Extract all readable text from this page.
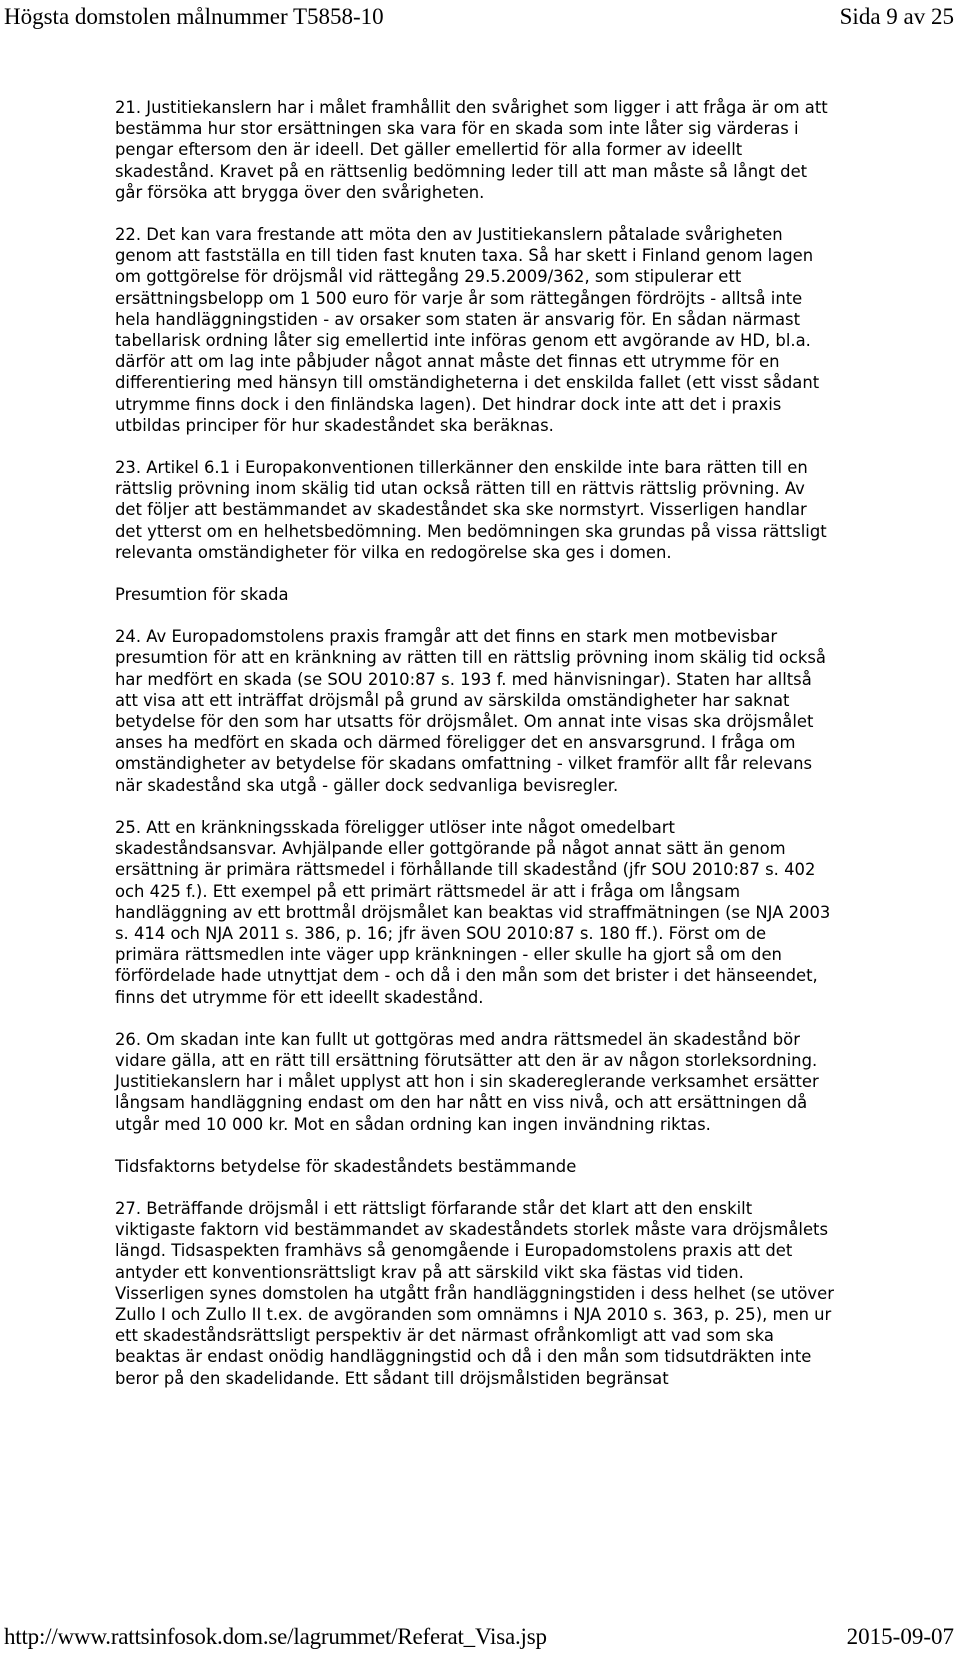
Högsta domstolen målnummer T5858-10	Sida 9 av 25

21. Justitiekanslern har i målet framhållit den svårighet som ligger i att fråga är om att bestämma hur stor ersättningen ska vara för en skada som inte låter sig värderas i pengar eftersom den är ideell. Det gäller emellertid för alla former av ideellt skadestånd. Kravet på en rättsenlig bedömning leder till att man måste så långt det går försöka att brygga över den svårigheten.

22. Det kan vara frestande att möta den av Justitiekanslern påtalade svårigheten genom att fastställa en till tiden fast knuten taxa. Så har skett i Finland genom lagen om gottgörelse för dröjsmål vid rättegång 29.5.2009/362, som stipulerar ett ersättningsbelopp om 1 500 euro för varje år som rättegången fördröjts - alltså inte hela handläggningstiden - av orsaker som staten är ansvarig för. En sådan närmast tabellarisk ordning låter sig emellertid inte införas genom ett avgörande av HD, bl.a. därför att om lag inte påbjuder något annat måste det finnas ett utrymme för en differentiering med hänsyn till omständigheterna i det enskilda fallet (ett visst sådant utrymme finns dock i den finländska lagen). Det hindrar dock inte att det i praxis utbildas principer för hur skadeståndet ska beräknas.

23. Artikel 6.1 i Europakonventionen tillerkänner den enskilde inte bara rätten till en rättslig prövning inom skälig tid utan också rätten till en rättvis rättslig prövning. Av det följer att bestämmandet av skadeståndet ska ske normstyrt. Visserligen handlar det ytterst om en helhetsbedömning. Men bedömningen ska grundas på vissa rättsligt relevanta omständigheter för vilka en redogörelse ska ges i domen.

Presumtion för skada

24. Av Europadomstolens praxis framgår att det finns en stark men motbevisbar presumtion för att en kränkning av rätten till en rättslig prövning inom skälig tid också har medfört en skada (se SOU 2010:87 s. 193 f. med hänvisningar). Staten har alltså att visa att ett inträffat dröjsmål på grund av särskilda omständigheter har saknat betydelse för den som har utsatts för dröjsmålet. Om annat inte visas ska dröjsmålet anses ha medfört en skada och därmed föreligger det en ansvarsgrund. I fråga om omständigheter av betydelse för skadans omfattning - vilket framför allt får relevans när skadestånd ska utgå - gäller dock sedvanliga bevisregler.

25. Att en kränkningsskada föreligger utlöser inte något omedelbart skadeståndsansvar. Avhjälpande eller gottgörande på något annat sätt än genom ersättning är primära rättsmedel i förhållande till skadestånd (jfr SOU 2010:87 s. 402 och 425 f.). Ett exempel på ett primärt rättsmedel är att i fråga om långsam handläggning av ett brottmål dröjsmålet kan beaktas vid straffmätningen (se NJA 2003 s. 414 och NJA 2011 s. 386, p. 16; jfr även SOU 2010:87 s. 180 ff.). Först om de primära rättsmedlen inte väger upp kränkningen - eller skulle ha gjort så om den förfördelade hade utnyttjat dem - och då i den mån som det brister i det hänseendet, finns det utrymme för ett ideellt skadestånd.

26. Om skadan inte kan fullt ut gottgöras med andra rättsmedel än skadestånd bör vidare gälla, att en rätt till ersättning förutsätter att den är av någon storleksordning. Justitiekanslern har i målet upplyst att hon i sin skadereglerande verksamhet ersätter långsam handläggning endast om den har nått en viss nivå, och att ersättningen då utgår med 10 000 kr. Mot en sådan ordning kan ingen invändning riktas.

Tidsfaktorns betydelse för skadeståndets bestämmande

27. Beträffande dröjsmål i ett rättsligt förfarande står det klart att den enskilt viktigaste faktorn vid bestämmandet av skadeståndets storlek måste vara dröjsmålets längd. Tidsaspekten framhävs så genomgående i Europadomstolens praxis att det antyder ett konventionsrättsligt krav på att särskild vikt ska fästas vid tiden. Visserligen synes domstolen ha utgått från handläggningstiden i dess helhet (se utöver Zullo I och Zullo II t.ex. de avgöranden som omnämns i NJA 2010 s. 363, p. 25), men ur ett skadeståndsrättsligt perspektiv är det närmast ofrånkomligt att vad som ska beaktas är endast onödig handläggningstid och då i den mån som tidsutdräkten inte beror på den skadelidande. Ett sådant till dröjsmålstiden begränsat

http://www.rattsinfosok.dom.se/lagrummet/Referat_Visa.jsp	2015-09-07
